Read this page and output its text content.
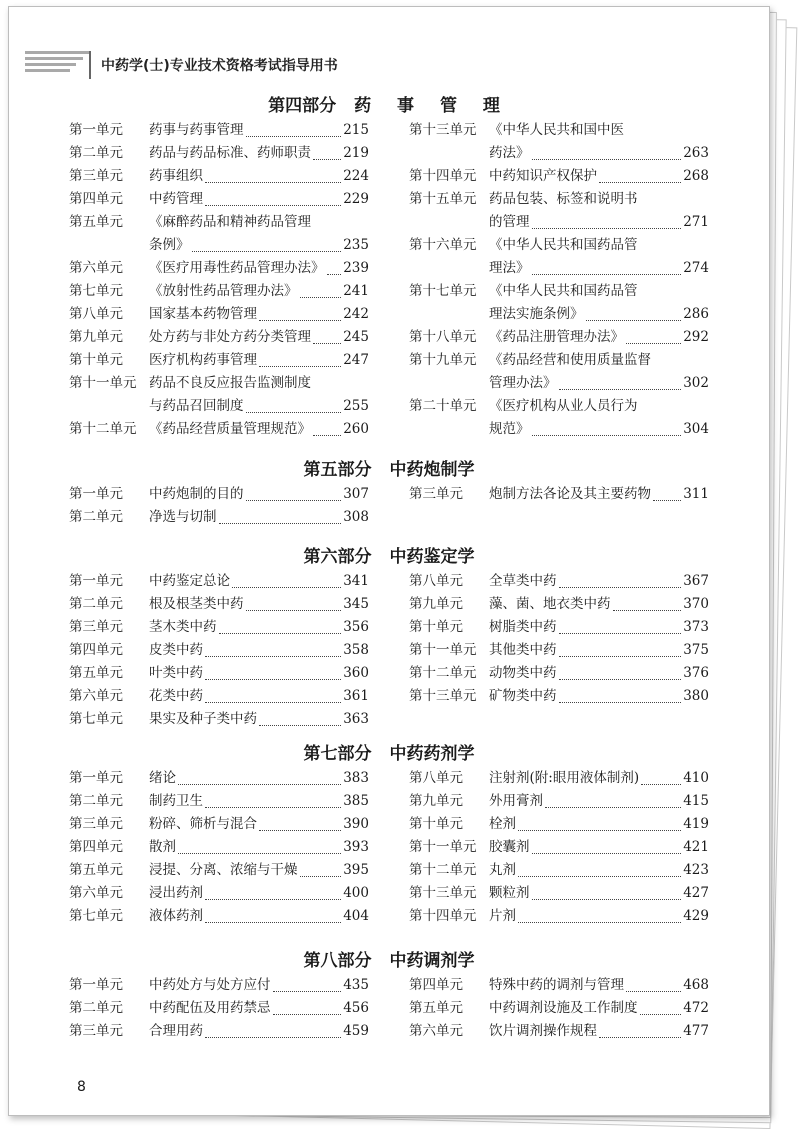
中药学(士)专业技术资格考试指导用书
第四部分 药 事 管 理
第一单元	药事与药事管理	215
第二单元	药品与药品标准、药师职责 219
第三单元	药事组织	224
第四单元	中药管理	229
第五单元	《麻醉药品和精神药品管理
条例》	235
第六单元	《医疗用毒性药品管理办法》 239
第七单元	《放射性药品管理办法》	241
第八单元	国家基本药物管理	242
第九单元	处方药与非处方药分类管理 245
第十单元	医疗机构药事管理	247
第十一单元 药品不良反应报告监测制度
与药品召回制度	255
第十二单元 《药品经营质量管理规范》 260
第十三单元 《中华人民共和国中医
药法》	263
第十四单元 中药知识产权保护	268
第十五单元 药品包装、标签和说明书
的管理	271
第十六单元 《中华人民共和国药品管
理法》	274
第十七单元 《中华人民共和国药品管
理法实施条例》	286
第十八单元 《药品注册管理办法》	292
第十九单元 《药品经营和使用质量监督
管理办法》	302
第二十单元 《医疗机构从业人员行为
规范》	304
第五部分 中药炮制学
第一单元	中药炮制的目的	307
第二单元	净选与切制	308
第三单元	炮制方法各论及其主要药物 311
第六部分 中药鉴定学
第一单元	中药鉴定总论	341
第二单元	根及根茎类中药	345
第三单元	茎木类中药	356
第四单元	皮类中药	358
第五单元	叶类中药	360
第六单元	花类中药	361
第七单元	果实及种子类中药	363
第八单元	全草类中药	367
第九单元	藻、菌、地衣类中药	370
第十单元	树脂类中药	373
第十一单元 其他类中药	375
第十二单元 动物类中药	376
第十三单元 矿物类中药	380
第七部分 中药药剂学
第一单元	绪论	383
第二单元	制药卫生	385
第三单元	粉碎、筛析与混合	390
第四单元	散剂	393
第五单元	浸提、分离、浓缩与干燥	395
第六单元	浸出药剂	400
第七单元	液体药剂	404
第八单元	注射剂(附:眼用液体制剂)	410
第九单元	外用膏剂	415
第十单元	栓剂	419
第十一单元 胶囊剂	421
第十二单元 丸剂	423
第十三单元 颗粒剂	427
第十四单元 片剂	429
第八部分 中药调剂学
第一单元	中药处方与处方应付	435
第二单元	中药配伍及用药禁忌	456
第三单元	合理用药	459
第四单元	特殊中药的调剂与管理	468
第五单元	中药调剂设施及工作制度	472
第六单元	饮片调剂操作规程	477
8
